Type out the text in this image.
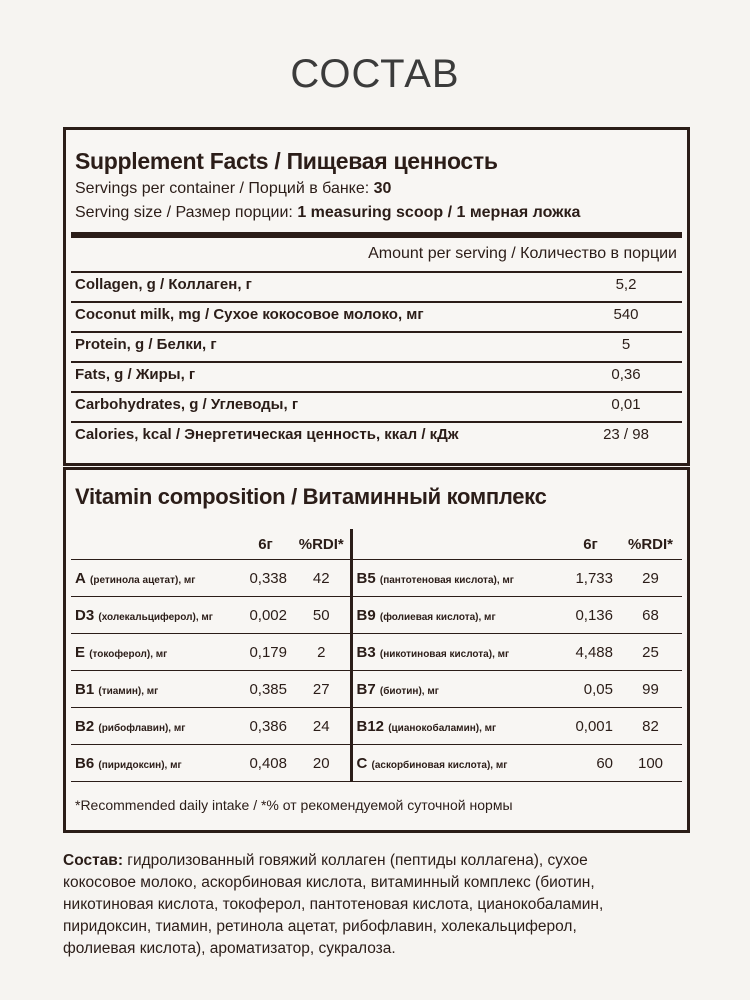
СОСТАВ
Supplement Facts / Пищевая ценность
Servings per container / Порций в банке: 30
Serving size / Размер порции: 1 measuring scoop / 1 мерная ложка
Amount per serving / Количество в порции
Collagen, g / Коллаген, г	5,2
Coconut milk, mg / Сухое кокосовое молоко, мг	540
Protein, g / Белки, г	5
Fats, g / Жиры, г	0,36
Carbohydrates, g / Углеводы, г	0,01
Calories, kcal / Энергетическая ценность, ккал / кДж	23 / 98
Vitamin composition / Витаминный комплекс
	6г	%RDI*		6г	%RDI*
A (ретинола ацетат), мг	0,338	42	B5 (пантотеновая кислота), мг	1,733	29
D3 (холекальциферол), мг	0,002	50	B9 (фолиевая кислота), мг	0,136	68
E (токоферол), мг	0,179	2	B3 (никотиновая кислота), мг	4,488	25
B1 (тиамин), мг	0,385	27	B7 (биотин), мг	0,05	99
B2 (рибофлавин), мг	0,386	24	B12 (цианокобаламин), мг	0,001	82
B6 (пиридоксин), мг	0,408	20	C (аскорбиновая кислота), мг	60	100
*Recommended daily intake / *% от рекомендуемой суточной нормы
Состав: гидролизованный говяжий коллаген (пептиды коллагена), сухое
кокосовое молоко, аскорбиновая кислота, витаминный комплекс (биотин,
никотиновая кислота, токоферол, пантотеновая кислота, цианокобаламин,
пиридоксин, тиамин, ретинола ацетат, рибофлавин, холекальциферол,
фолиевая кислота), ароматизатор, сукралоза.
